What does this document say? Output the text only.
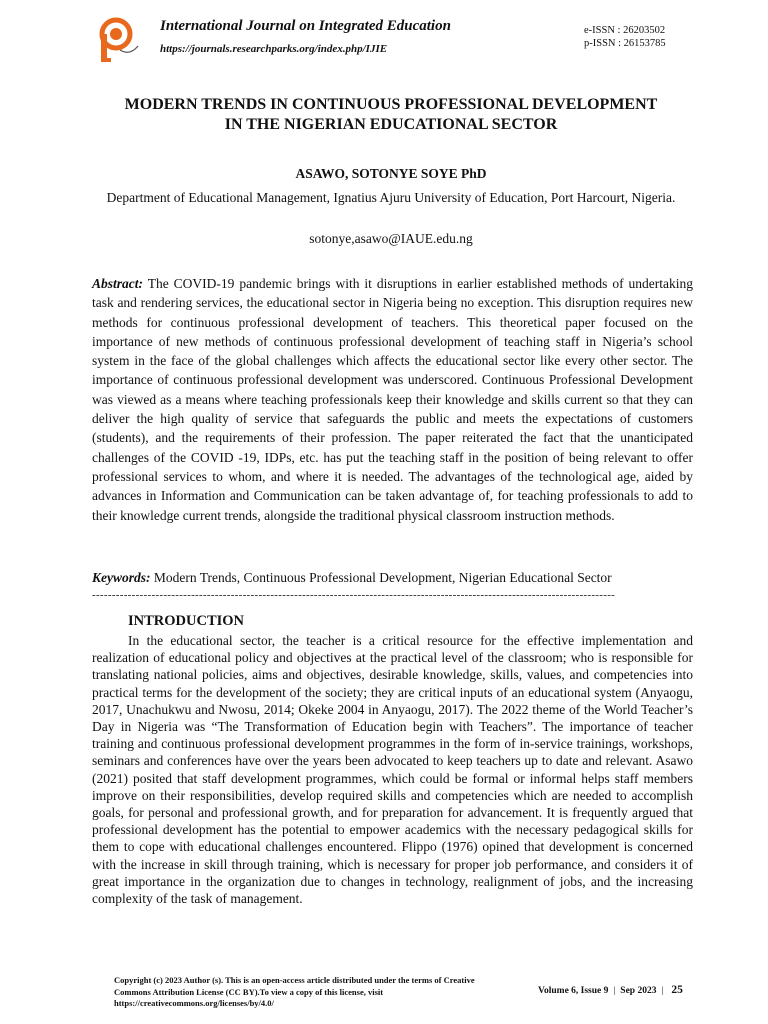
International Journal on Integrated Education
https://journals.researchparks.org/index.php/IJIE
e-ISSN : 26203502
p-ISSN : 26153785
MODERN TRENDS IN CONTINUOUS PROFESSIONAL DEVELOPMENT
IN THE NIGERIAN EDUCATIONAL SECTOR
ASAWO, SOTONYE SOYE PhD
Department of Educational Management, Ignatius Ajuru University of Education, Port Harcourt, Nigeria.
sotonye,asawo@IAUE.edu.ng
Abstract: The COVID-19 pandemic brings with it disruptions in earlier established methods of undertaking task and rendering services, the educational sector in Nigeria being no exception. This disruption requires new methods for continuous professional development of teachers. This theoretical paper focused on the importance of new methods of continuous professional development of teaching staff in Nigeria’s school system in the face of the global challenges which affects the educational sector like every other sector. The importance of continuous professional development was underscored. Continuous Professional Development was viewed as a means where teaching professionals keep their knowledge and skills current so that they can deliver the high quality of service that safeguards the public and meets the expectations of customers (students), and the requirements of their profession. The paper reiterated the fact that the unanticipated challenges of the COVID -19, IDPs, etc. has put the teaching staff in the position of being relevant to offer professional services to whom, and where it is needed. The advantages of the technological age, aided by advances in Information and Communication can be taken advantage of, for teaching professionals to add to their knowledge current trends, alongside the traditional physical classroom instruction methods.
Keywords: Modern Trends, Continuous Professional Development, Nigerian Educational Sector
------------------------------------------------------------------------------------------------------------------------------------
INTRODUCTION
In the educational sector, the teacher is a critical resource for the effective implementation and realization of educational policy and objectives at the practical level of the classroom; who is responsible for translating national policies, aims and objectives, desirable knowledge, skills, values, and competencies into practical terms for the development of the society; they are critical inputs of an educational system (Anyaogu, 2017, Unachukwu and Nwosu, 2014; Okeke 2004 in Anyaogu, 2017). The 2022 theme of the World Teacher’s Day in Nigeria was “The Transformation of Education begin with Teachers”. The importance of teacher training and continuous professional development programmes in the form of in-service trainings, workshops, seminars and conferences have over the years been advocated to keep teachers up to date and relevant. Asawo (2021) posited that staff development programmes, which could be formal or informal helps staff members improve on their responsibilities, develop required skills and competencies which are needed to accomplish goals, for personal and professional growth, and for preparation for advancement. It is frequently argued that professional development has the potential to empower academics with the necessary pedagogical skills for them to cope with educational challenges encountered. Flippo (1976) opined that development is concerned with the increase in skill through training, which is necessary for proper job performance, and considers it of great importance in the organization due to changes in technology, realignment of jobs, and the increasing complexity of the task of management.
Copyright (c) 2023 Author (s). This is an open-access article distributed under the terms of Creative Commons Attribution License (CC BY).To view a copy of this license, visit https://creativecommons.org/licenses/by/4.0/
Volume 6, Issue 9 | Sep 2023 | 25
